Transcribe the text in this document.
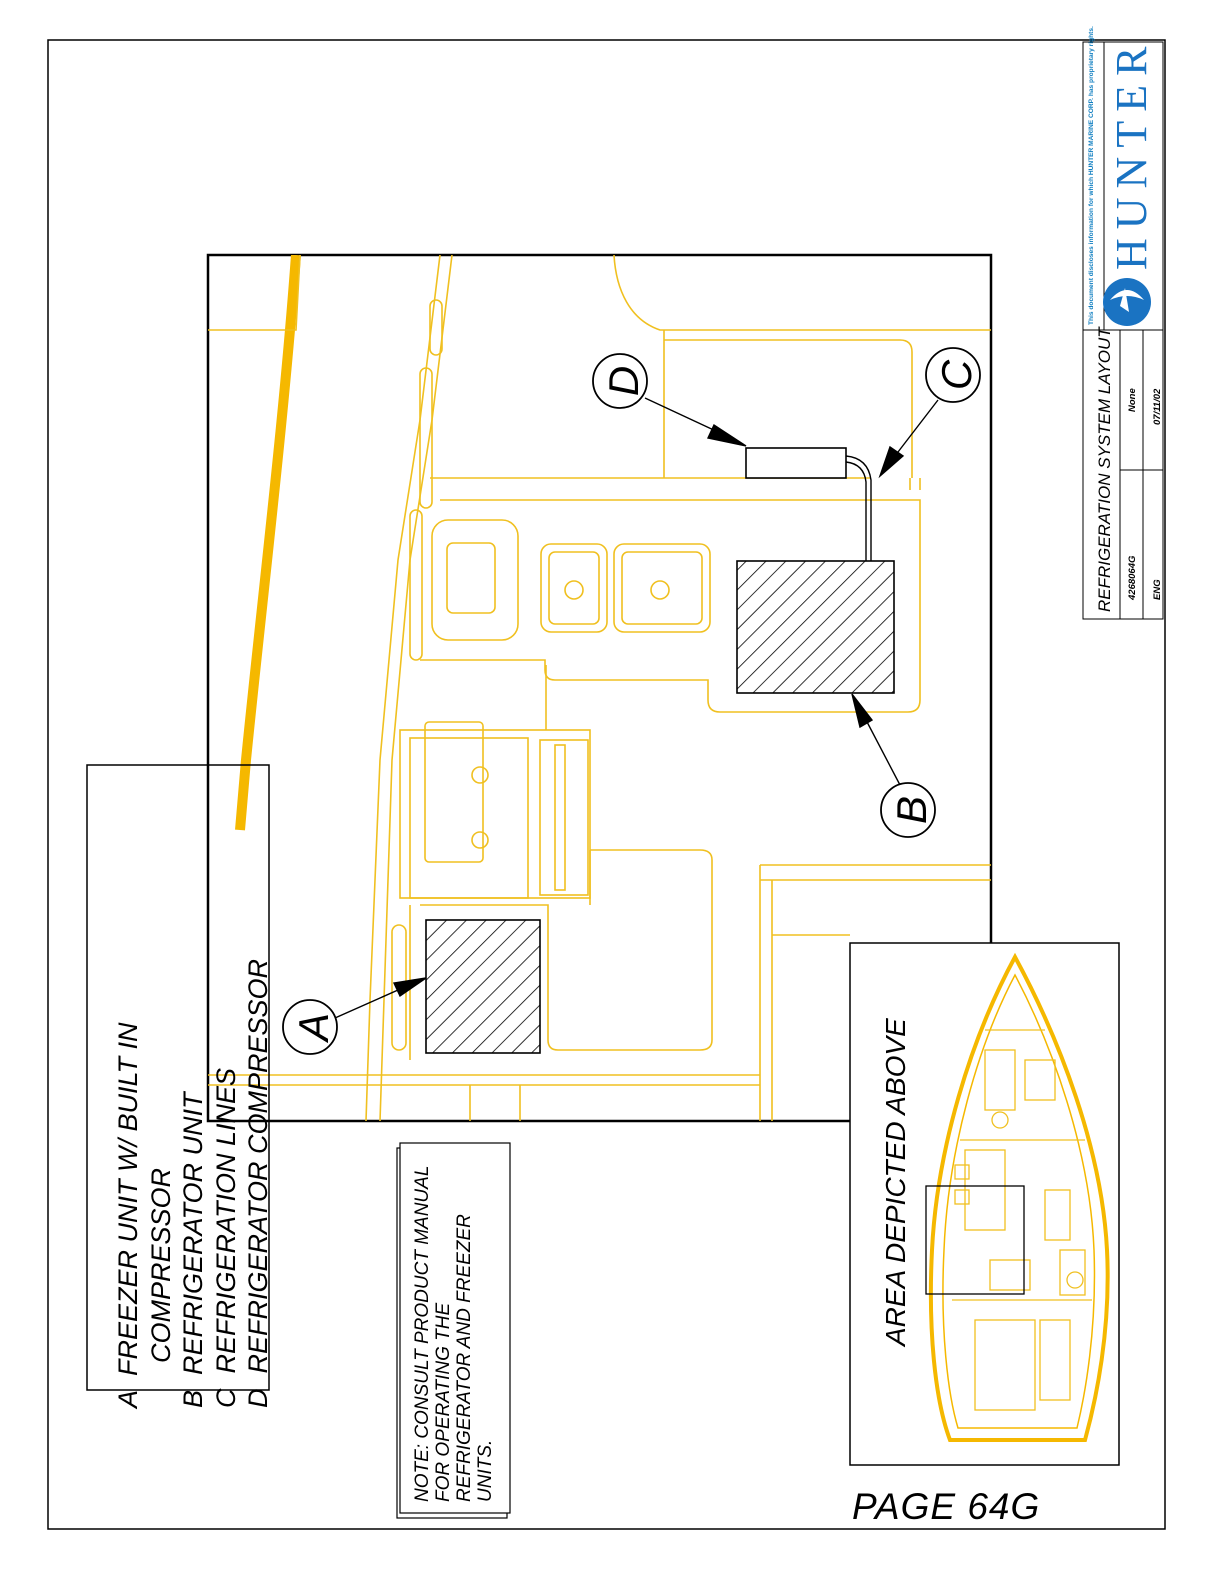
A
D
B
C
A  FREEZER UNIT W/ BUILT IN COMPRESSOR B  REFRIGERATOR UNIT C  REFRIGERATION LINES D  REFRIGERATOR COMPRESSOR	NOTE: CONSULT PRODUCT MANUAL FOR OPERATING THE REFRIGERATOR AND FREEZER UNITS.
AREA DEPICTED ABOVE
PAGE 64G
REFRIGERATION SYSTEM LAYOUT 4268064G ENG
None 07/11/02
This document discloses information for which HUNTER MARINE CORP. has proprietary rights. HUNTER
